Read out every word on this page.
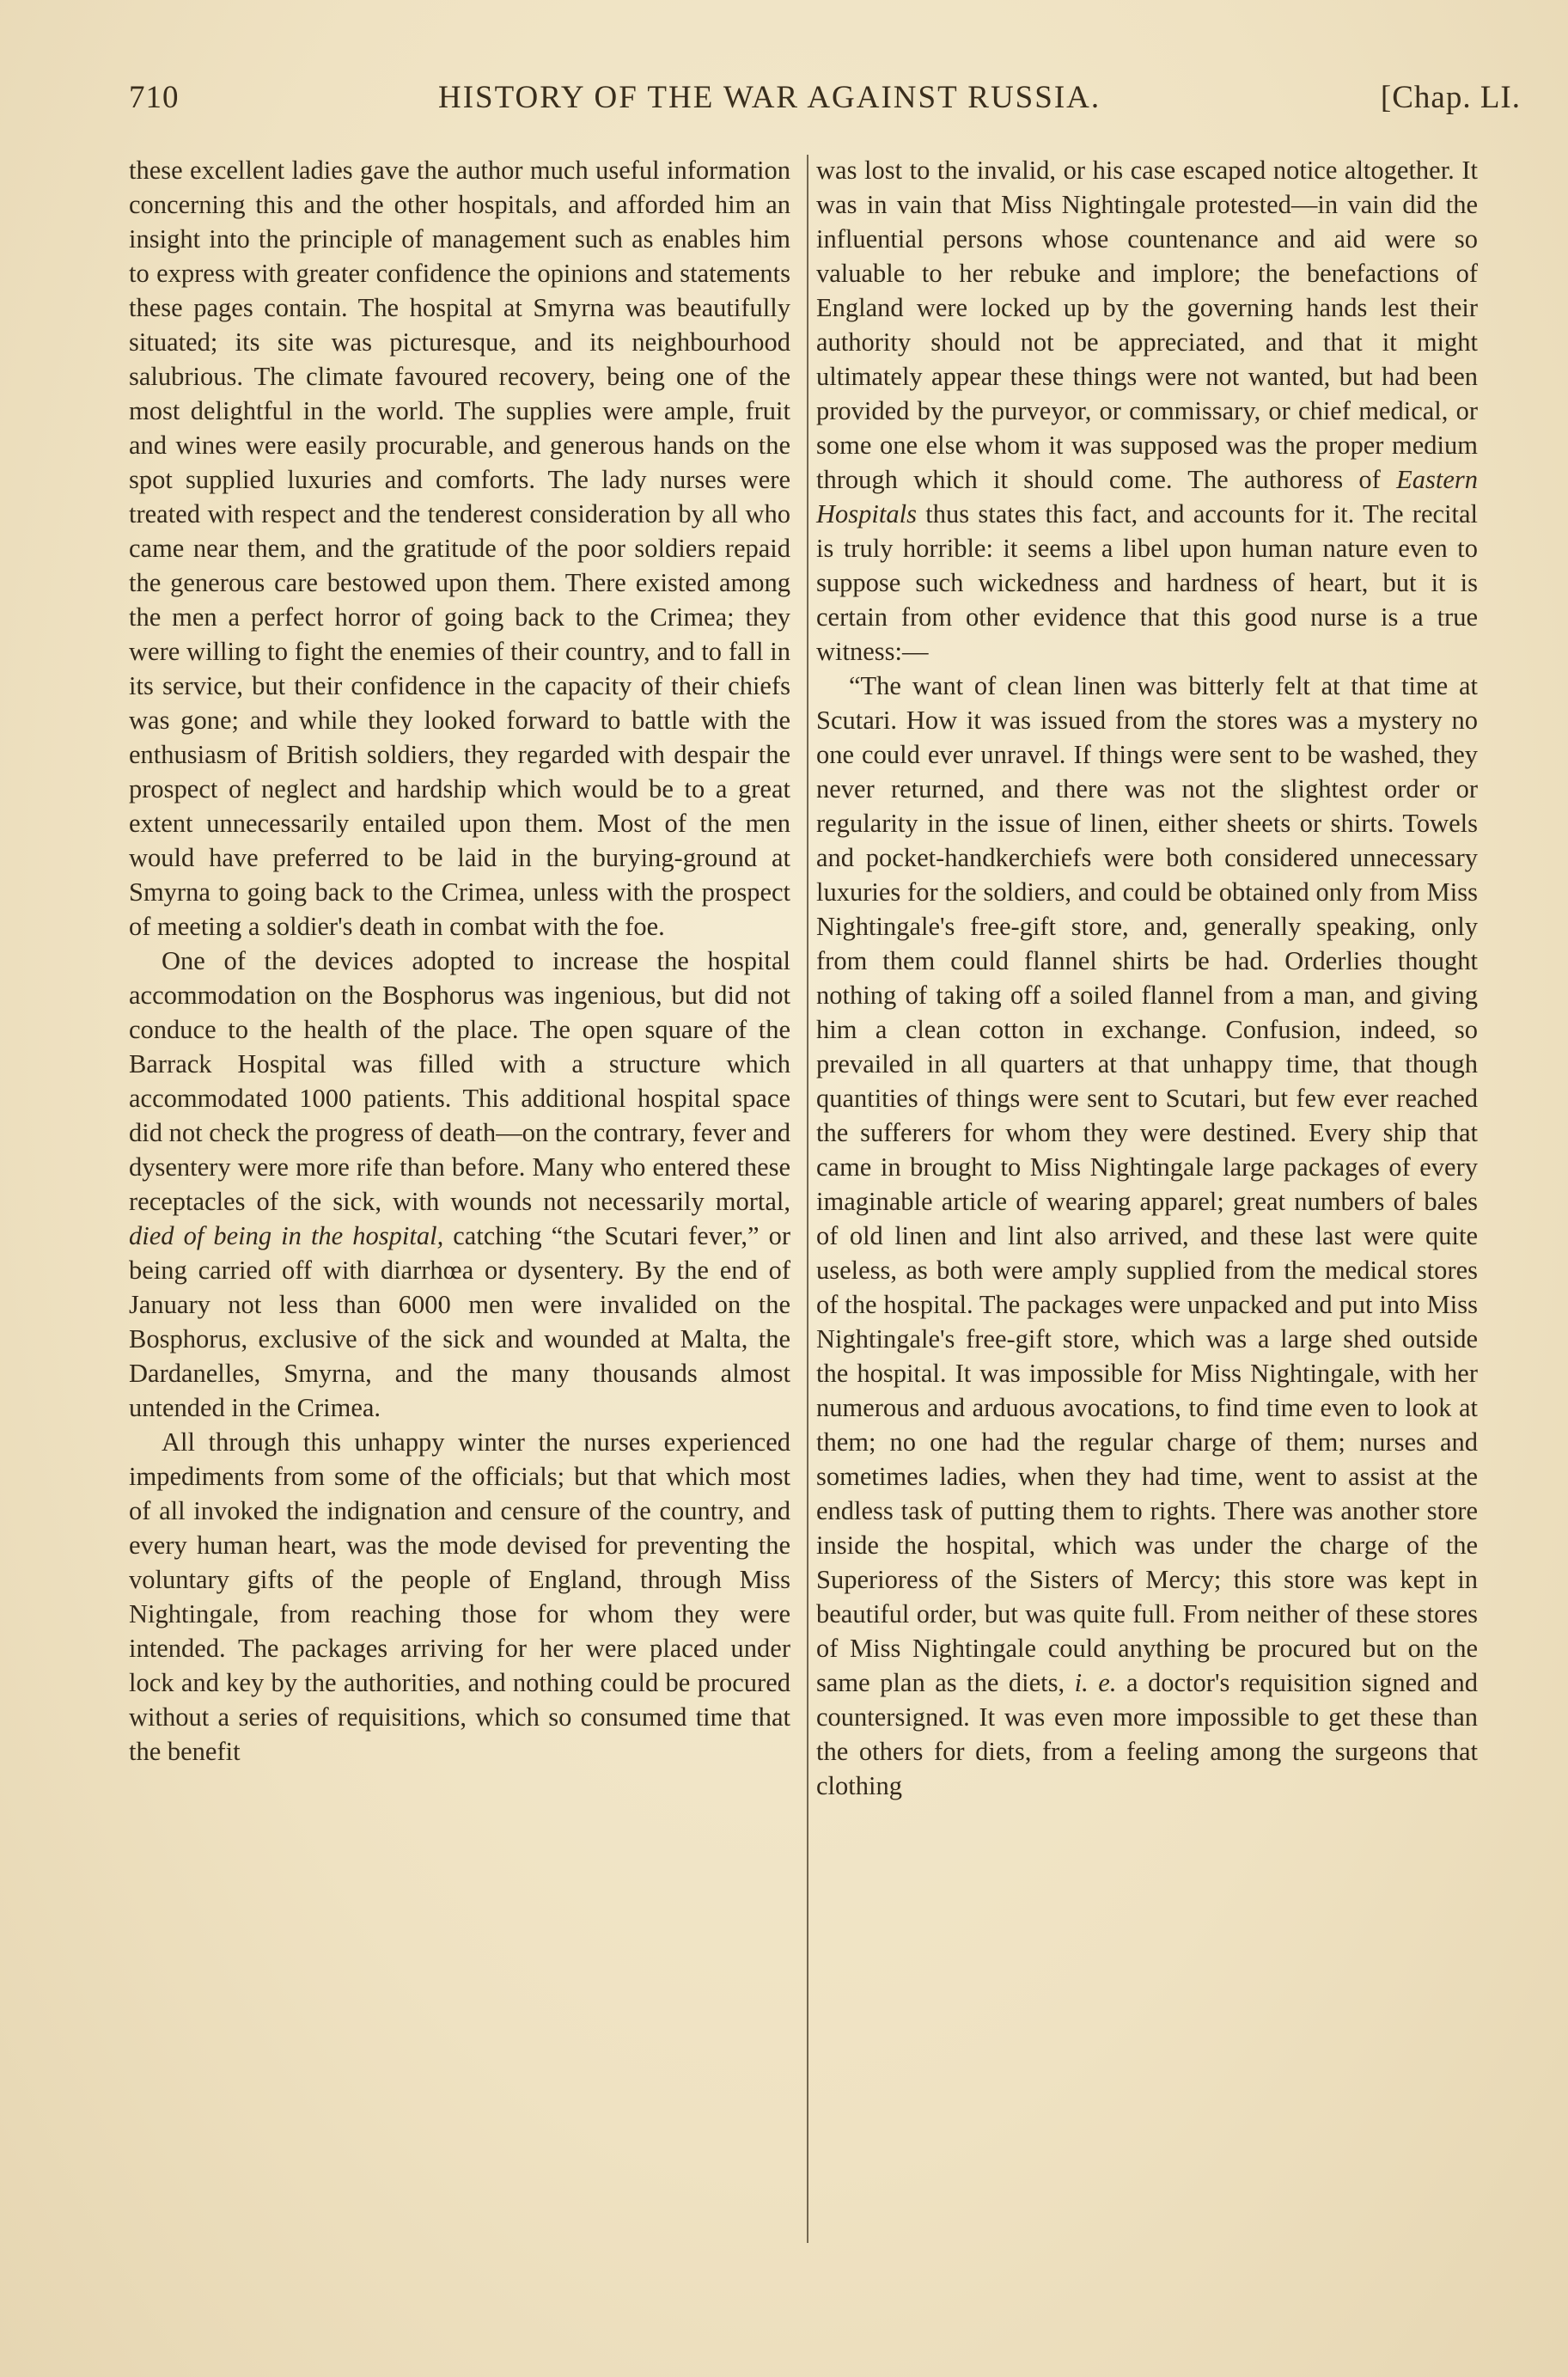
710	HISTORY OF THE WAR AGAINST RUSSIA.	[Chap. LI.

these excellent ladies gave the author much useful information concerning this and the other hospitals, and afforded him an insight into the principle of management such as enables him to express with greater confidence the opinions and statements these pages contain. The hospital at Smyrna was beautifully situated; its site was picturesque, and its neighbourhood salubrious. The climate favoured recovery, being one of the most delightful in the world. The supplies were ample, fruit and wines were easily procurable, and generous hands on the spot supplied luxuries and comforts. The lady nurses were treated with respect and the tenderest consideration by all who came near them, and the gratitude of the poor soldiers repaid the generous care bestowed upon them. There existed among the men a perfect horror of going back to the Crimea; they were willing to fight the enemies of their country, and to fall in its service, but their confidence in the capacity of their chiefs was gone; and while they looked forward to battle with the enthusiasm of British soldiers, they regarded with despair the prospect of neglect and hardship which would be to a great extent unnecessarily entailed upon them. Most of the men would have preferred to be laid in the burying-ground at Smyrna to going back to the Crimea, unless with the prospect of meeting a soldier's death in combat with the foe.

One of the devices adopted to increase the hospital accommodation on the Bosphorus was ingenious, but did not conduce to the health of the place. The open square of the Barrack Hospital was filled with a structure which accommodated 1000 patients. This additional hospital space did not check the progress of death—on the contrary, fever and dysentery were more rife than before. Many who entered these receptacles of the sick, with wounds not necessarily mortal, died of being in the hospital, catching “the Scutari fever,” or being carried off with diarrhœa or dysentery. By the end of January not less than 6000 men were invalided on the Bosphorus, exclusive of the sick and wounded at Malta, the Dardanelles, Smyrna, and the many thousands almost untended in the Crimea.

All through this unhappy winter the nurses experienced impediments from some of the officials; but that which most of all invoked the indignation and censure of the country, and every human heart, was the mode devised for preventing the voluntary gifts of the people of England, through Miss Nightingale, from reaching those for whom they were intended. The packages arriving for her were placed under lock and key by the authorities, and nothing could be procured without a series of requisitions, which so consumed time that the benefit

was lost to the invalid, or his case escaped notice altogether. It was in vain that Miss Nightingale protested—in vain did the influential persons whose countenance and aid were so valuable to her rebuke and implore; the benefactions of England were locked up by the governing hands lest their authority should not be appreciated, and that it might ultimately appear these things were not wanted, but had been provided by the purveyor, or commissary, or chief medical, or some one else whom it was supposed was the proper medium through which it should come. The authoress of Eastern Hospitals thus states this fact, and accounts for it. The recital is truly horrible: it seems a libel upon human nature even to suppose such wickedness and hardness of heart, but it is certain from other evidence that this good nurse is a true witness:—

“The want of clean linen was bitterly felt at that time at Scutari. How it was issued from the stores was a mystery no one could ever unravel. If things were sent to be washed, they never returned, and there was not the slightest order or regularity in the issue of linen, either sheets or shirts. Towels and pocket-handkerchiefs were both considered unnecessary luxuries for the soldiers, and could be obtained only from Miss Nightingale's free-gift store, and, generally speaking, only from them could flannel shirts be had. Orderlies thought nothing of taking off a soiled flannel from a man, and giving him a clean cotton in exchange. Confusion, indeed, so prevailed in all quarters at that unhappy time, that though quantities of things were sent to Scutari, but few ever reached the sufferers for whom they were destined. Every ship that came in brought to Miss Nightingale large packages of every imaginable article of wearing apparel; great numbers of bales of old linen and lint also arrived, and these last were quite useless, as both were amply supplied from the medical stores of the hospital. The packages were unpacked and put into Miss Nightingale's free-gift store, which was a large shed outside the hospital. It was impossible for Miss Nightingale, with her numerous and arduous avocations, to find time even to look at them; no one had the regular charge of them; nurses and sometimes ladies, when they had time, went to assist at the endless task of putting them to rights. There was another store inside the hospital, which was under the charge of the Superioress of the Sisters of Mercy; this store was kept in beautiful order, but was quite full. From neither of these stores of Miss Nightingale could anything be procured but on the same plan as the diets, i. e. a doctor's requisition signed and countersigned. It was even more impossible to get these than the others for diets, from a feeling among the surgeons that clothing
